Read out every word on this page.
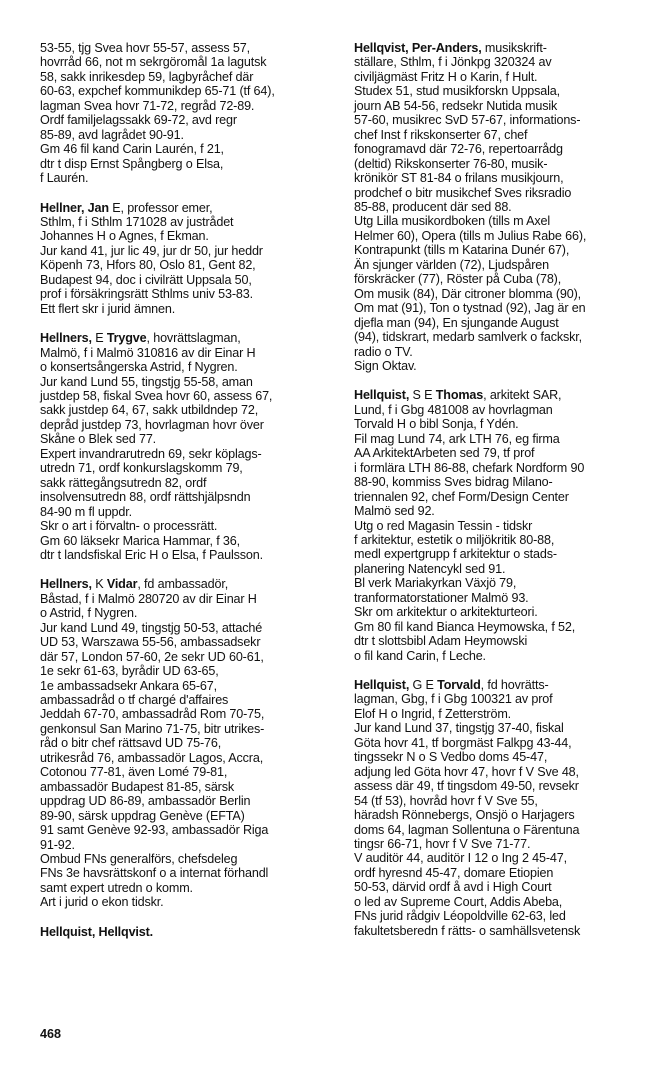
53-55, tjg Svea hovr 55-57, assess 57,
hovrråd 66, not m sekrgöromål 1a lagutsk
58, sakk inrikesdep 59, lagbyråchef där
60-63, expchef kommunikdep 65-71 (tf 64),
lagman Svea hovr 71-72, regråd 72-89.
Ordf familjelagssakk 69-72, avd regr
85-89, avd lagrådet 90-91.
Gm 46 fil kand Carin Laurén, f 21,
dtr t disp Ernst Spångberg o Elsa,
f Laurén.
Hellner, Jan E, professor emer,
Sthlm, f i Sthlm 171028 av justrådet
Johannes H o Agnes, f Ekman.
Jur kand 41, jur lic 49, jur dr 50, jur heddr
Köpenh 73, Hfors 80, Oslo 81, Gent 82,
Budapest 94, doc i civilrätt Uppsala 50,
prof i försäkringsrätt Sthlms univ 53-83.
Ett flert skr i jurid ämnen.
Hellners, E Trygve, hovrättslagman,
Malmö, f i Malmö 310816 av dir Einar H
o konsertsångerska Astrid, f Nygren.
Jur kand Lund 55, tingstjg 55-58, aman
justdep 58, fiskal Svea hovr 60, assess 67,
sakk justdep 64, 67, sakk utbildndep 72,
depråd justdep 73, hovrlagman hovr över
Skåne o Blek sed 77.
Expert invandrarutredn 69, sekr köplags-
utredn 71, ordf konkurslagskomm 79,
sakk rättegångsutredn 82, ordf
insolvensutredn 88, ordf rättshjälpsndn
84-90 m fl uppdr.
Skr o art i förvaltn- o processrätt.
Gm 60 läksekr Marica Hammar, f 36,
dtr t landsfiskal Eric H o Elsa, f Paulsson.
Hellners, K Vidar, fd ambassadör,
Båstad, f i Malmö 280720 av dir Einar H
o Astrid, f Nygren.
Jur kand Lund 49, tingstjg 50-53, attaché
UD 53, Warszawa 55-56, ambassadsekr
där 57, London 57-60, 2e sekr UD 60-61,
1e sekr 61-63, byrådir UD 63-65,
1e ambassadsekr Ankara 65-67,
ambassadråd o tf chargé d'affaires
Jeddah 67-70, ambassadråd Rom 70-75,
genkonsul San Marino 71-75, bitr utrikes-
råd o bitr chef rättsavd UD 75-76,
utrikesråd 76, ambassadör Lagos, Accra,
Cotonou 77-81, även Lomé 79-81,
ambassadör Budapest 81-85, särsk
uppdrag UD 86-89, ambassadör Berlin
89-90, särsk uppdrag Genève (EFTA)
91 samt Genève 92-93, ambassadör Riga
91-92.
Ombud FNs generalförs, chefsdeleg
FNs 3e havsrättskonf o a internat förhandl
samt expert utredn o komm.
Art i jurid o ekon tidskr.
Hellquist, Hellqvist.
Hellqvist, Per-Anders, musikskrift-
ställare, Sthlm, f i Jönkpg 320324 av
civiljägmäst Fritz H o Karin, f Hult.
Studex 51, stud musikforskn Uppsala,
journ AB 54-56, redsekr Nutida musik
57-60, musikrec SvD 57-67, informations-
chef Inst f rikskonserter 67, chef
fonogramavd där 72-76, repertoarrådg
(deltid) Rikskonserter 76-80, musik-
krönikör ST 81-84 o frilans musikjourn,
prodchef o bitr musikchef Sves riksradio
85-88, producent där sed 88.
Utg Lilla musikordboken (tills m Axel
Helmer 60), Opera (tills m Julius Rabe 66),
Kontrapunkt (tills m Katarina Dunér 67),
Än sjunger världen (72), Ljudspåren
förskräcker (77), Röster på Cuba (78),
Om musik (84), Där citroner blomma (90),
Om mat (91), Ton o tystnad (92), Jag är en
djefla man (94), En sjungande August
(94), tidskrart, medarb samlverk o fackskr,
radio o TV.
Sign Oktav.
Hellquist, S E Thomas, arkitekt SAR,
Lund, f i Gbg 481008 av hovrlagman
Torvald H o bibl Sonja, f Ydén.
Fil mag Lund 74, ark LTH 76, eg firma
AA ArkitektArbeten sed 79, tf prof
i formlära LTH 86-88, chefark Nordform 90
88-90, kommiss Sves bidrag Milano-
triennalen 92, chef Form/Design Center
Malmö sed 92.
Utg o red Magasin Tessin - tidskr
f arkitektur, estetik o miljökritik 80-88,
medl expertgrupp f arkitektur o stads-
planering Natencykl sed 91.
Bl verk Mariakyrkan Växjö 79,
tranformatorstationer Malmö 93.
Skr om arkitektur o arkitekturteori.
Gm 80 fil kand Bianca Heymowska, f 52,
dtr t slottsbibl Adam Heymowski
o fil kand Carin, f Leche.
Hellquist, G E Torvald, fd hovrätts-
lagman, Gbg, f i Gbg 100321 av prof
Elof H o Ingrid, f Zetterström.
Jur kand Lund 37, tingstjg 37-40, fiskal
Göta hovr 41, tf borgmäst Falkpg 43-44,
tingssekr N o S Vedbo doms 45-47,
adjung led Göta hovr 47, hovr f V Sve 48,
assess där 49, tf tingsdom 49-50, revsekr
54 (tf 53), hovråd hovr f V Sve 55,
häradsh Rönnebergs, Onsjö o Harjagers
doms 64, lagman Sollentuna o Färentuna
tingsr 66-71, hovr f V Sve 71-77.
V auditör 44, auditör I 12 o Ing 2 45-47,
ordf hyresnd 45-47, domare Etiopien
50-53, därvid ordf å avd i High Court
o led av Supreme Court, Addis Abeba,
FNs jurid rådgiv Léopoldville 62-63, led
fakultetsberedn f rätts- o samhällsvetensk
468
